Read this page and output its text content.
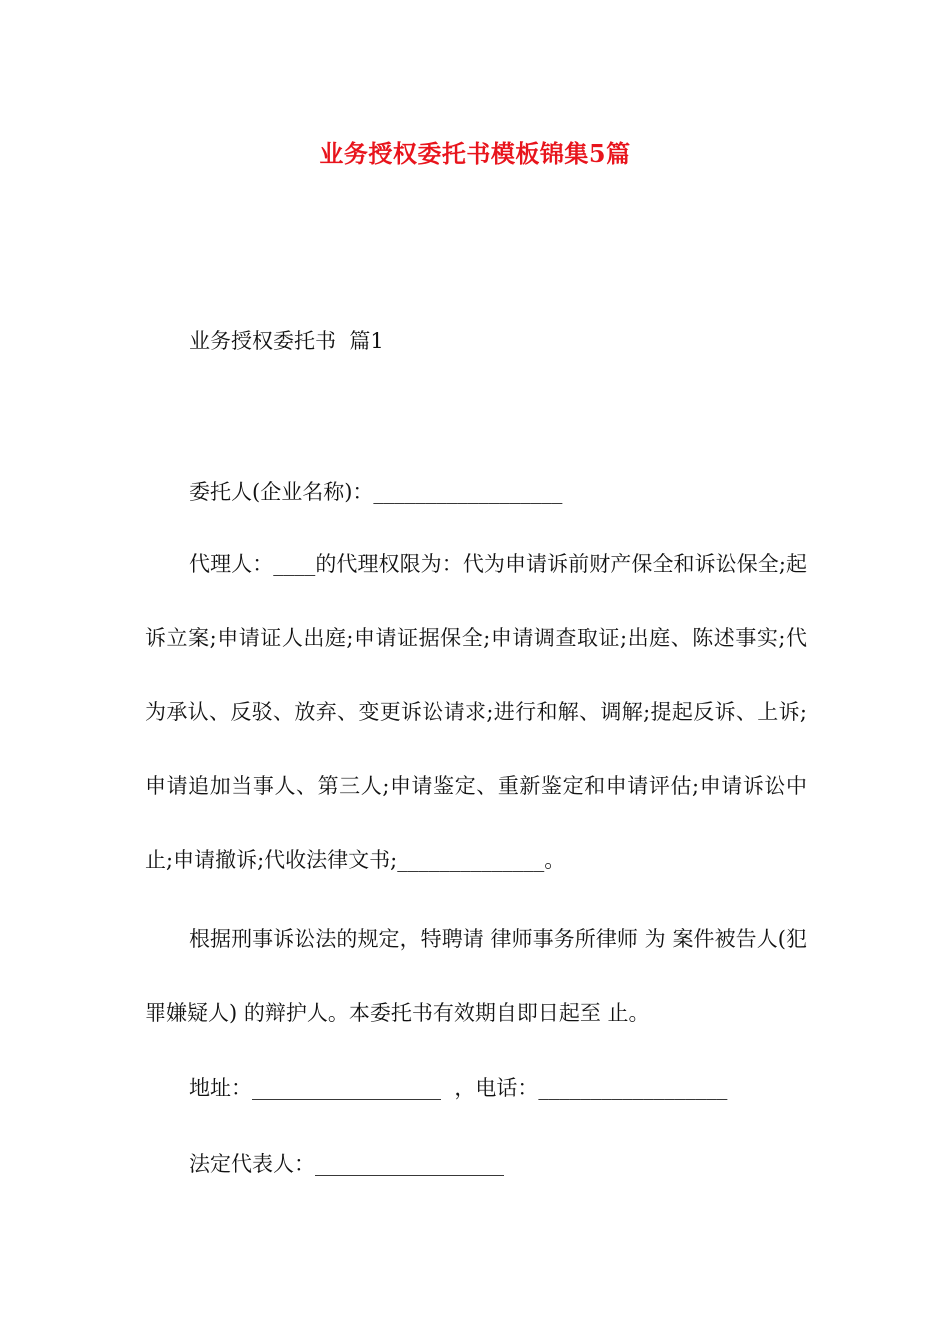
业务授权委托书模板锦集5篇
业务授权委托书  篇1
委托人(企业名称)：__________________
代理人：____的代理权限为：代为申请诉前财产保全和诉讼保全;起诉立案;申请证人出庭;申请证据保全;申请调查取证;出庭、陈述事实;代为承认、反驳、放弃、变更诉讼请求;进行和解、调解;提起反诉、上诉;申请追加当事人、第三人;申请鉴定、重新鉴定和申请评估;申请诉讼中止;申请撤诉;代收法律文书;______________。
根据刑事诉讼法的规定，特聘请 律师事务所律师 为 案件被告人(犯罪嫌疑人) 的辩护人。本委托书有效期自即日起至 止。
地址：__________________  ，电话：__________________
法定代表人：__________________
